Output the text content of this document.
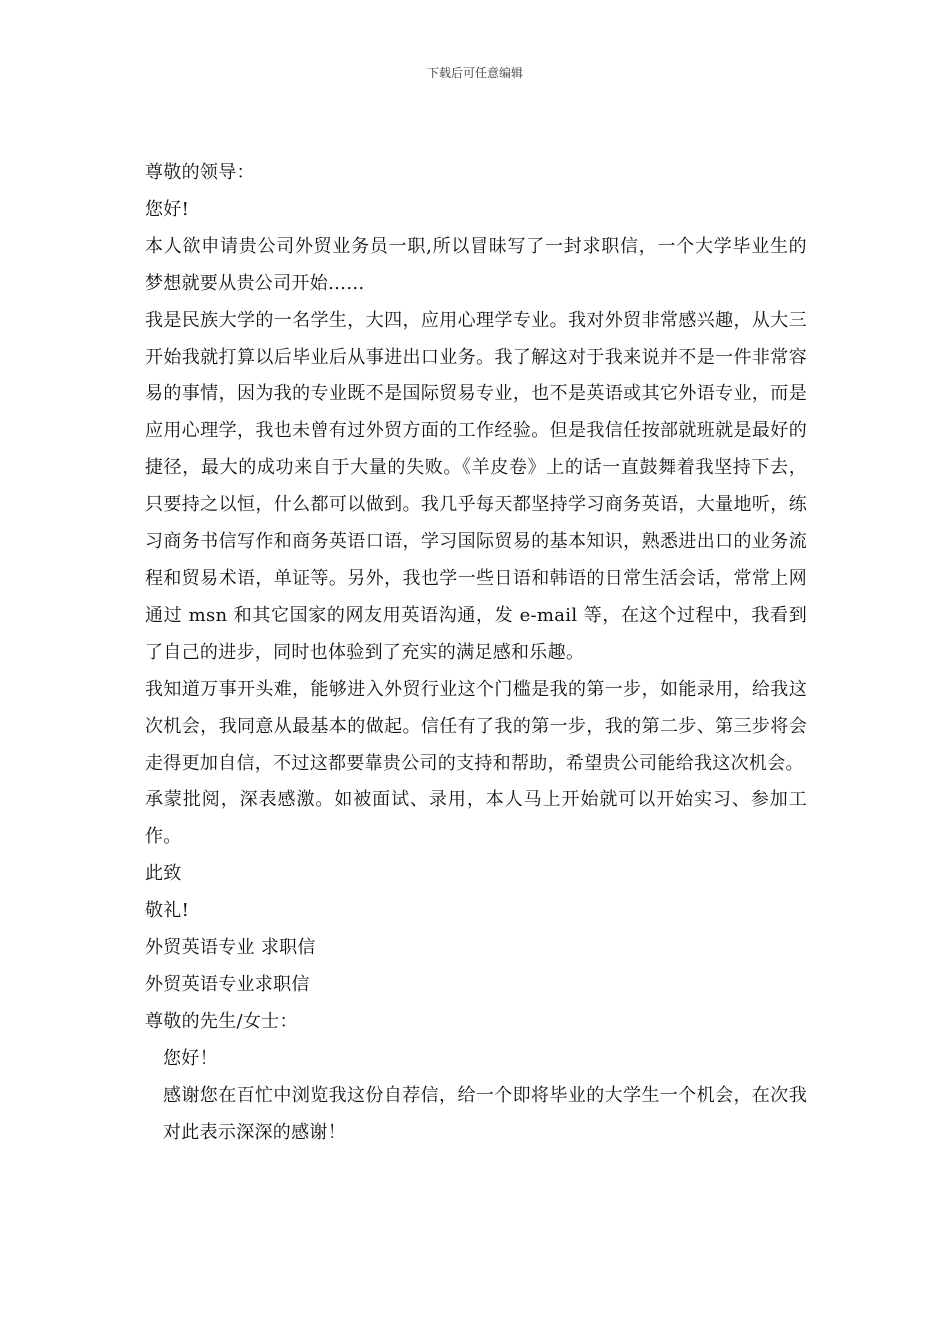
下载后可任意编辑

尊敬的领导：

您好!

本人欲申请贵公司外贸业务员一职,所以冒昧写了一封求职信，一个大学毕业生的梦想就要从贵公司开始……

我是民族大学的一名学生，大四，应用心理学专业。我对外贸非常感兴趣，从大三开始我就打算以后毕业后从事进出口业务。我了解这对于我来说并不是一件非常容易的事情，因为我的专业既不是国际贸易专业，也不是英语或其它外语专业，而是应用心理学，我也未曾有过外贸方面的工作经验。但是我信任按部就班就是最好的捷径，最大的成功来自于大量的失败。《羊皮卷》上的话一直鼓舞着我坚持下去，只要持之以恒，什么都可以做到。我几乎每天都坚持学习商务英语，大量地听，练习商务书信写作和商务英语口语，学习国际贸易的基本知识，熟悉进出口的业务流程和贸易术语，单证等。另外，我也学一些日语和韩语的日常生活会话，常常上网通过 msn 和其它国家的网友用英语沟通，发 e-mail 等，在这个过程中，我看到了自己的进步，同时也体验到了充实的满足感和乐趣。

我知道万事开头难，能够进入外贸行业这个门槛是我的第一步，如能录用，给我这次机会，我同意从最基本的做起。信任有了我的第一步，我的第二步、第三步将会走得更加自信，不过这都要靠贵公司的支持和帮助，希望贵公司能给我这次机会。

承蒙批阅，深表感激。如被面试、录用，本人马上开始就可以开始实习、参加工作。

此致

敬礼!

外贸英语专业 求职信

外贸英语专业求职信

尊敬的先生/女士：

您好！

感谢您在百忙中浏览我这份自荐信，给一个即将毕业的大学生一个机会，在次我对此表示深深的感谢！
